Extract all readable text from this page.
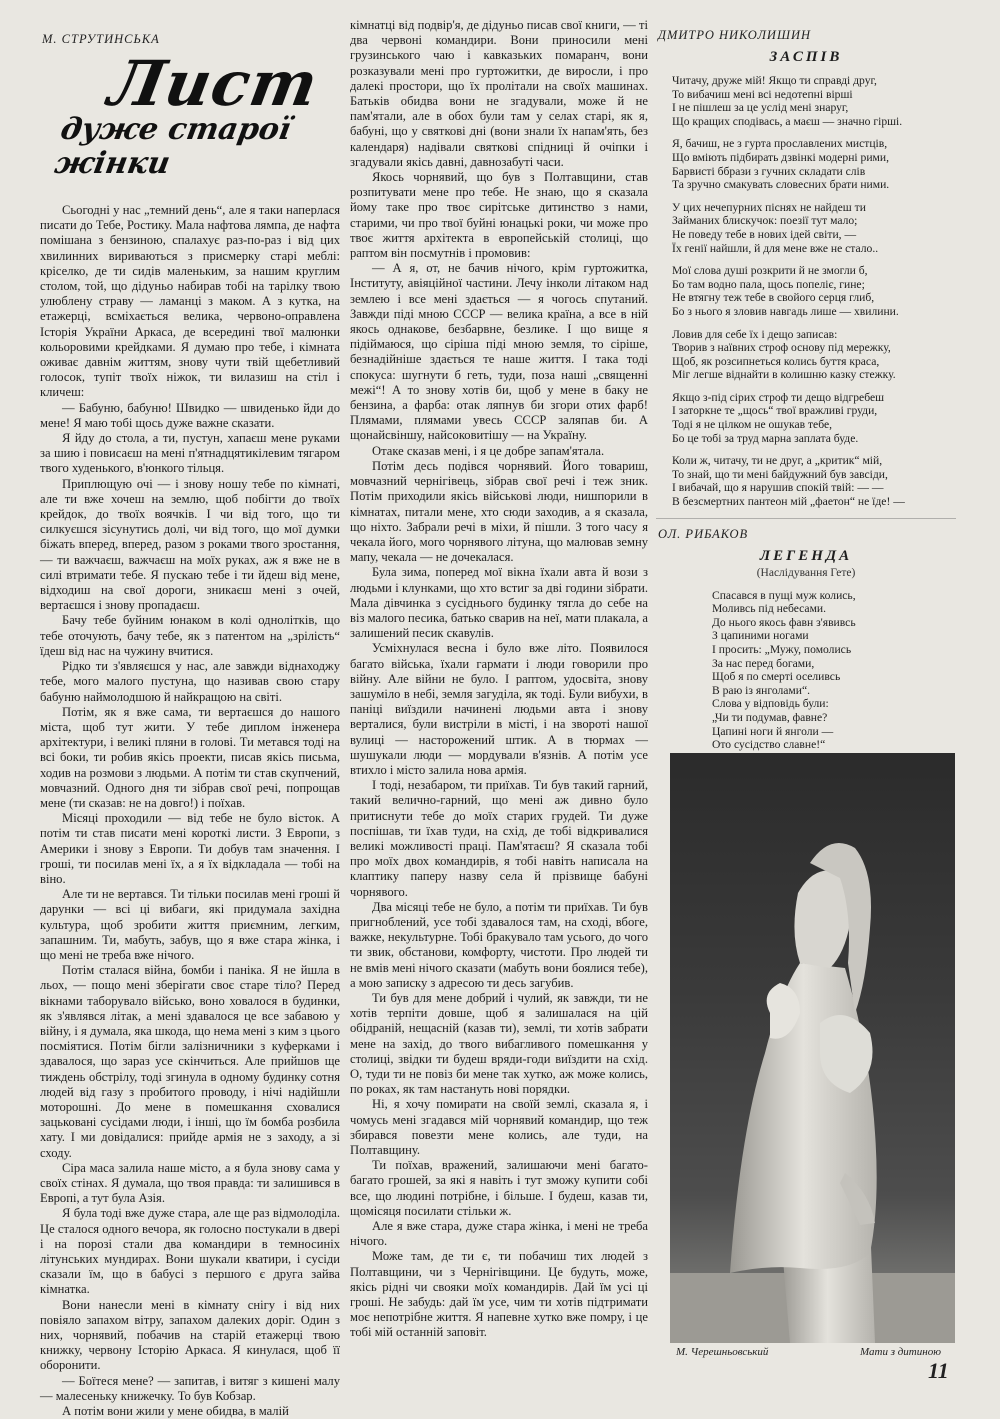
М. СТРУТИНСЬКА
Лист
дуже старої жінки

Сьогодні у нас „темний день“, але я таки наперлася писати до Тебе, Ростику. Мала нафтова лямпа, де нафта помішана з бензиною, спалахує раз-по-раз і від цих хвилинних вириваються з присмерку старі меблі: кріселко, де ти сидів маленьким, за нашим круглим столом, той, що дідуньо набирав тобі на тарілку твою улюблену страву — ламанці з маком. А з кутка, на етажерці, всміхається велика, червоно-оправлена Історія України Аркаса, де всередині твої малюнки кольоровими крейдками. Я думаю про тебе, і кімната оживає давнім життям, знову чути твій щебетливий голосок, тупіт твоїх ніжок, ти вилазиш на стіл і кличеш:

— Бабуню, бабуню! Швидко — швиденько йди до мене! Я маю тобі щось дуже важне сказати.

Я йду до стола, а ти, пустун, хапаєш мене руками за шию і повисаєш на мені п'ятнадцятикілевим тягаром твого худенького, в'юнкого тільця.

Приплющую очі — і знову ношу тебе по кімнаті, але ти вже хочеш на землю, щоб побігти до твоїх крейдок, до твоїх воячків. І чи від того, що ти силкуєшся зісунутись долі, чи від того, що мої думки біжать вперед, вперед, разом з роками твого зростання, — ти важчаєш, важчаєш на моїх руках, аж я вже не в силі втримати тебе. Я пускаю тебе і ти йдеш від мене, відходиш на свої дороги, зникаєш мені з очей, вертаєшся і знову пропадаєш.

Бачу тебе буйним юнаком в колі однолітків, що тебе оточують, бачу тебе, як з патентом на „зрілість“ їдеш від нас на чужину вчитися.

Рідко ти з'являєшся у нас, але завжди віднаходжу тебе, мого малого пустуна, що називав свою стару бабуню наймолодшою й найкращою на світі.

Потім, як я вже сама, ти вертаєшся до нашого міста, щоб тут жити. У тебе диплом інженера архітектури, і великі пляни в голові. Ти метався тоді на всі боки, ти робив якісь проекти, писав якісь письма, ходив на розмови з людьми. А потім ти став скупчений, мовчазний. Одного дня ти зібрав свої речі, попрощав мене (ти сказав: не на довго!) і поїхав.

Місяці проходили — від тебе не було вісток. А потім ти став писати мені короткі листи. З Европи, з Америки і знову з Европи. Ти добув там значення. І гроші, ти посилав мені їх, а я їх відкладала — тобі на віно.

Але ти не вертався. Ти тільки посилав мені гроші й дарунки — всі ці вибаги, які придумала західна культура, щоб зробити життя приємним, легким, запашним. Ти, мабуть, забув, що я вже стара жінка, і що мені не треба вже нічого.

Потім сталася війна, бомби і паніка. Я не йшла в льох, — пощо мені зберігати своє старе тіло? Перед вікнами таборувало військо, воно ховалося в будинки, як з'являвся літак, а мені здавалося це все забавою у війну, і я думала, яка шкода, що нема мені з ким з цього посміятися. Потім бігли залізничники з куферками і здавалося, що зараз усе скінчиться. Але прийшов ще тиждень обстрілу, тоді згинула в одному будинку сотня людей від газу з пробитого проводу, і нічі надійшли моторошні. До мене в помешкання сховалися зацьковані сусідами люди, і інші, що їм бомба розбила хату. І ми довідалися: прийде армія не з заходу, а зі сходу.

Сіра маса залила наше місто, а я була знову сама у своїх стінах. Я думала, що твоя правда: ти залишився в Европі, а тут була Азія.

Я була тоді вже дуже стара, але ще раз відмолоділа. Це сталося одного вечора, як голосно постукали в двері і на порозі стали два командири в темносиніх літунських мундирах. Вони шукали кватири, і сусіди сказали їм, що в бабусі з першого є друга зайва кімнатка.

Вони нанесли мені в кімнату снігу і від них повіяло запахом вітру, запахом далеких доріг. Один з них, чорнявий, побачив на старій етажерці твою книжку, червону Історію Аркаса. Я кинулася, щоб її оборонити.

— Боїтеся мене? — запитав, і витяг з кишені малу — малесеньку книжечку. То був Кобзар.

А потім вони жили у мене обидва, в малій

кімнатці від подвір'я, де дідуньо писав свої книги, — ті два червоні командири. Вони приносили мені грузинського чаю і кавказьких помаранч, вони розказували мені про гуртожитки, де виросли, і про далекі простори, що їх пролітали на своїх машинах. Батьків обидва вони не згадували, може й не пам'ятали, але в обох були там у селах старі, як я, бабуні, що у святкові дні (вони знали їх напам'ять, без календаря) надівали святкові спідниці й очіпки і згадували якісь давні, давнозабуті часи.

Якось чорнявий, що був з Полтавщини, став розпитувати мене про тебе. Не знаю, що я сказала йому таке про твоє сирітське дитинство з нами, старими, чи про твої буйні юнацькі роки, чи може про твоє життя архітекта в европейській столиці, що раптом він посмутнів і промовив:

— А я, от, не бачив нічого, крім гуртожитка, Інституту, авіяційної частини. Лечу інколи літаком над землею і все мені здається — я чогось спутаний. Завжди піді мною СССР — велика країна, а все в ній якось однакове, безбарвне, безлике. І що вище я підіймаюся, що сіріша піді мною земля, то сіріше, безнадійніше здається те наше життя. І така тоді спокуса: шугнути б геть, туди, поза наші „священні межі“! А то знову хотів би, щоб у мене в баку не бензина, а фарба: отак ляпнув би згори отих фарб! Плямами, плямами увесь СССР заляпав би. А щонайсвіншу, найсоковитішу — на Україну.

Отаке сказав мені, і я це добре запам'ятала.

Потім десь подівся чорнявий. Його товариш, мовчазний чернігівець, зібрав свої речі і теж зник. Потім приходили якісь військові люди, нишпорили в кімнатах, питали мене, хто сюди заходив, а я сказала, що ніхто. Забрали речі в міхи, й пішли. З того часу я чекала його, мого чорнявого літуна, що малював земну мапу, чекала — не дочекалася.

Була зима, поперед мої вікна їхали авта й вози з людьми і клунками, що хто встиг за дві години зібрати. Мала дівчинка з сусіднього будинку тягла до себе на віз малого песика, батько сварив на неї, мати плакала, а залишений песик скавулів.

Усміхнулася весна і було вже літо. Появилося багато війська, їхали гармати і люди говорили про війну. Але війни не було. І раптом, удосвіта, знову зашуміло в небі, земля загуділа, як тоді. Були вибухи, в паніці виїздили начинені людьми авта і знову верталися, були вистріли в місті, і на звороті нашої вулиці — насторожений штик. А в тюрмах — шушукали люди — мордували в'язнів. А потім усе втихло і місто залила нова армія.

І тоді, незабаром, ти приїхав. Ти був такий гарний, такий велично-гарний, що мені аж дивно було притиснути тебе до моїх старих грудей. Ти дуже поспішав, ти їхав туди, на схід, де тобі відкривалися великі можливості праці. Пам'ятаєш? Я сказала тобі про моїх двох командирів, я тобі навіть написала на клаптику паперу назву села й прізвище бабуні чорнявого.

Два місяці тебе не було, а потім ти приїхав. Ти був пригноблений, усе тобі здавалося там, на сході, вбоге, важке, некультурне. Тобі бракувало там усього, до чого ти звик, обстанови, комфорту, чистоти. Про людей ти не вмів мені нічого сказати (мабуть вони боялися тебе), а мою записку з адресою ти десь загубив.

Ти був для мене добрий і чулий, як завжди, ти не хотів терпіти довше, щоб я залишалася на цій обідраній, нещасній (казав ти), землі, ти хотів забрати мене на захід, до твого вибагливого помешкання у столиці, звідки ти будеш вряди-годи виїздити на схід. О, туди ти не повіз би мене так хутко, аж може колись, по роках, як там настануть нові порядки.

Ні, я хочу помирати на своїй землі, сказала я, і чомусь мені згадався мій чорнявий командир, що теж збирався повезти мене колись, але туди, на Полтавщину.

Ти поїхав, вражений, залишаючи мені багато-багато грошей, за які я навіть і тут зможу купити собі все, що людині потрібне, і більше. І будеш, казав ти, щомісяця посилати стільки ж.

Але я вже стара, дуже стара жінка, і мені не треба нічого.

Може там, де ти є, ти побачиш тих людей з Полтавщини, чи з Чернігівщини. Це будуть, може, якісь рідні чи свояки моїх командирів. Дай їм усі ці гроші. Не забудь: дай їм усе, чим ти хотів підтримати моє непотрібне життя. Я напевне хутко вже помру, і це тобі мій останній заповіт.

ДМИТРО НИКОЛИШИН
ЗАСПІВ
Читачу, друже мій! Якщо ти справді друг,
То вибачиш мені всі недотепні вірші
І не пішлеш за це услід мені знаруг,
Що кращих сподівась, а маєш — значно гірші.
Я, бачиш, не з гурта прославлених мистців,
Що вміють підбирать дзвінкі модерні рими,
Барвисті ббрази з гучних складати слів
Та зручно смакувать словесних брати ними.
У цих нечепурних піснях не найдеш ти
Займаних блискучок: поезії тут мало;
Не поведу тебе в нових ідей світи, —
Їх генії найшли, й для мене вже не стало..
Мої слова душі розкрити й не змогли б,
Бо там водно пала, щось попеліє, гине;
Не втягну теж тебе в свойого серця глиб,
Бо з нього я зловив навгадь лише — хвилини.
Ловив для себе їх і дещо записав:
Творив з наївних строф основу під мережку,
Щоб, як розсипнеться колись буття краса,
Міг легше віднайти в колишню казку стежку.
Якщо з-під сірих строф ти дещо відгребеш
І заторкне те „щось“ твої вражливі груди,
Тоді я не цілком не ошукав тебе,
Бо це тобі за труд марна заплата буде.
Коли ж, читачу, ти не друг, а „критик“ мій,
То знай, що ти мені байдужний був завсіди,
І вибачай, що я нарушив спокій твій: — —
В безсмертних пантеон мій „фаетон“ не їде! —
ОЛ. РИБАКОВ
ЛЕГЕНДА
(Наслідування Гете)
Спасався в пущі муж колись,
Моливсь під небесами.
До нього якось фавн з'явивсь
З цапиними ногами
І просить: „Мужу, помолись
За нас перед богами,
Щоб я по смерті оселивсь
В раю із янголами“.
Слова у відповідь були:
„Чи ти подумав, фавне?
Цапині ноги й янголи —
Ото сусідство славне!“
М. Черешньовський	Мати з дитиною
11
